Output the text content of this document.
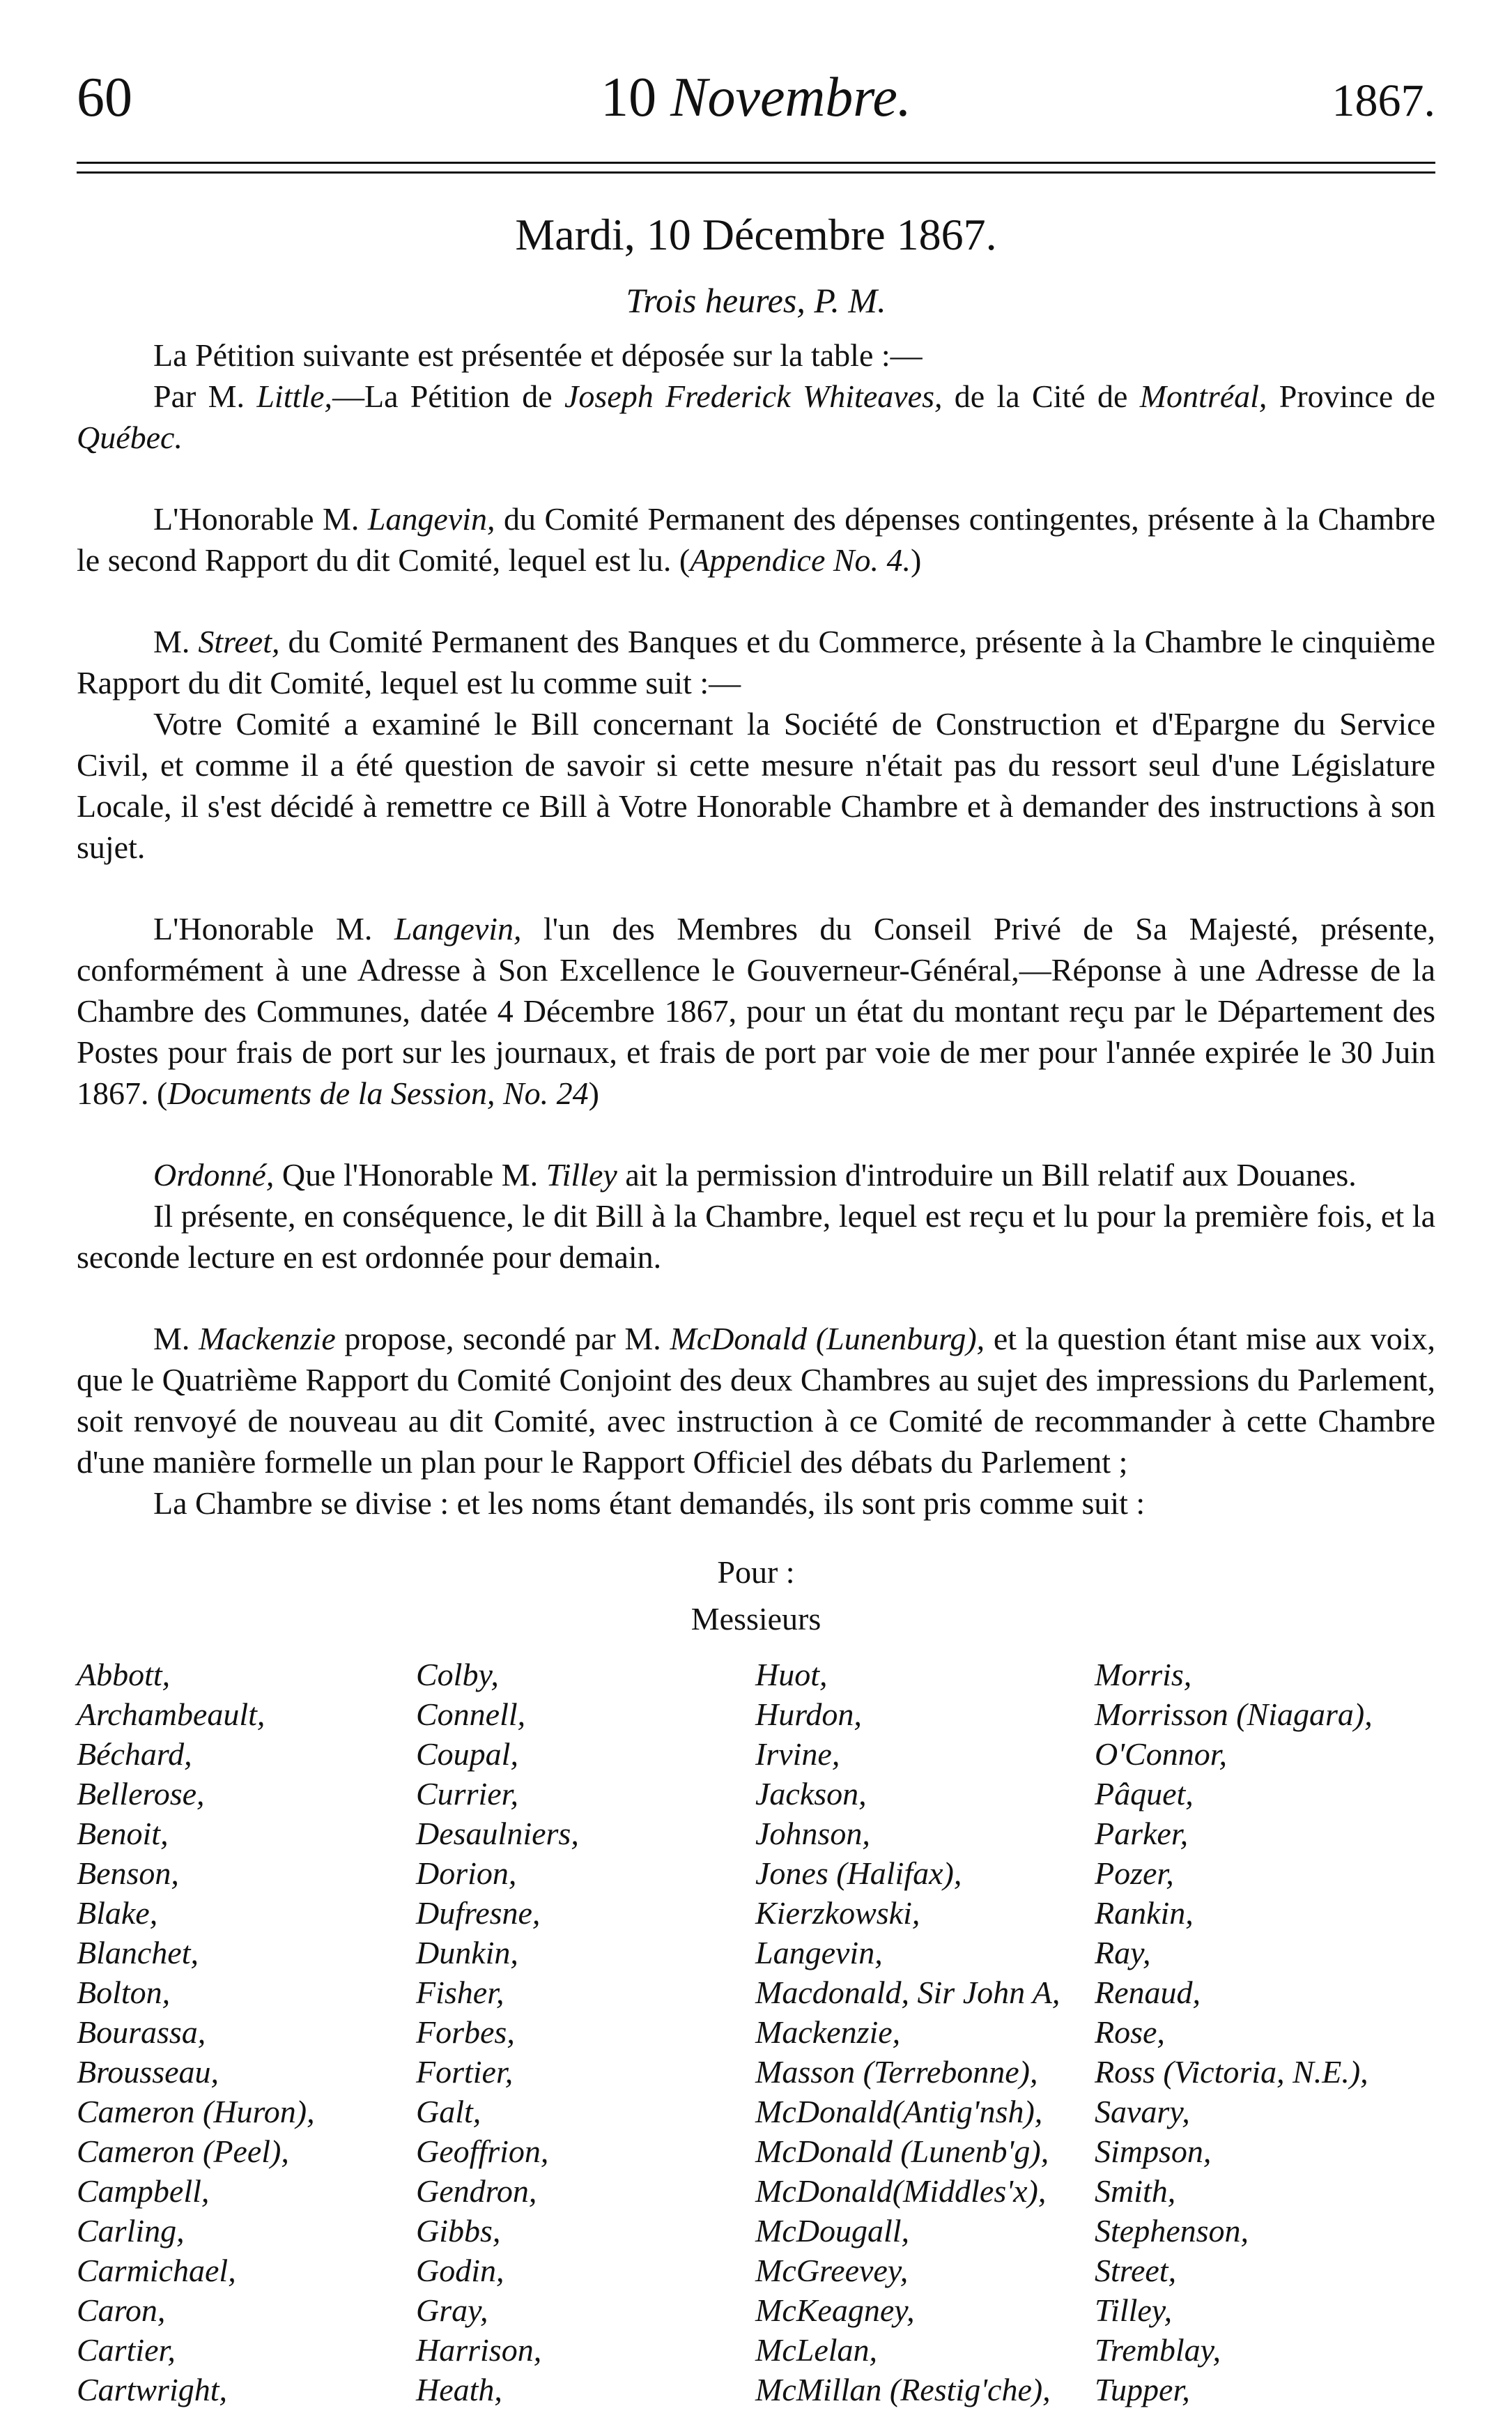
60	10 Novembre.	1867.
Mardi, 10 Décembre 1867.
Trois heures, P. M.

La Pétition suivante est présentée et déposée sur la table :—

Par M. Little,—La Pétition de Joseph Frederick Whiteaves, de la Cité de Montréal, Province de Québec.

L'Honorable M. Langevin, du Comité Permanent des dépenses contingentes, présente à la Chambre le second Rapport du dit Comité, lequel est lu. (Appendice No. 4.)

M. Street, du Comité Permanent des Banques et du Commerce, présente à la Chambre le cinquième Rapport du dit Comité, lequel est lu comme suit :—

Votre Comité a examiné le Bill concernant la Société de Construction et d'Epargne du Service Civil, et comme il a été question de savoir si cette mesure n'était pas du ressort seul d'une Législature Locale, il s'est décidé à remettre ce Bill à Votre Honorable Chambre et à demander des instructions à son sujet.

L'Honorable M. Langevin, l'un des Membres du Conseil Privé de Sa Majesté, présente, conformément à une Adresse à Son Excellence le Gouverneur-Général,—Réponse à une Adresse de la Chambre des Communes, datée 4 Décembre 1867, pour un état du montant reçu par le Département des Postes pour frais de port sur les journaux, et frais de port par voie de mer pour l'année expirée le 30 Juin 1867. (Documents de la Session, No. 24)

Ordonné, Que l'Honorable M. Tilley ait la permission d'introduire un Bill relatif aux Douanes.

Il présente, en conséquence, le dit Bill à la Chambre, lequel est reçu et lu pour la première fois, et la seconde lecture en est ordonnée pour demain.

M. Mackenzie propose, secondé par M. McDonald (Lunenburg), et la question étant mise aux voix, que le Quatrième Rapport du Comité Conjoint des deux Chambres au sujet des impressions du Parlement, soit renvoyé de nouveau au dit Comité, avec instruction à ce Comité de recommander à cette Chambre d'une manière formelle un plan pour le Rapport Officiel des débats du Parlement ;

La Chambre se divise : et les noms étant demandés, ils sont pris comme suit :

Pour :
Messieurs
Abbott,
Archambeault,
Béchard,
Bellerose,
Benoit,
Benson,
Blake,
Blanchet,
Bolton,
Bourassa,
Brousseau,
Cameron (Huron),
Cameron (Peel),
Campbell,
Carling,
Carmichael,
Caron,
Cartier,
Cartwright,
Colby,
Connell,
Coupal,
Currier,
Desaulniers,
Dorion,
Dufresne,
Dunkin,
Fisher,
Forbes,
Fortier,
Galt,
Geoffrion,
Gendron,
Gibbs,
Godin,
Gray,
Harrison,
Heath,
Huot,
Hurdon,
Irvine,
Jackson,
Johnson,
Jones (Halifax),
Kierzkowski,
Langevin,
Macdonald, Sir John A,
Mackenzie,
Masson (Terrebonne),
McDonald(Antig'nsh),
McDonald (Lunenb'g),
McDonald(Middles'x),
McDougall,
McGreevey,
McKeagney,
McLelan,
McMillan (Restig'che),
Morris,
Morrisson (Niagara),
O'Connor,
Pâquet,
Parker,
Pozer,
Rankin,
Ray,
Renaud,
Rose,
Ross (Victoria, N.E.),
Savary,
Simpson,
Smith,
Stephenson,
Street,
Tilley,
Tremblay,
Tupper,
